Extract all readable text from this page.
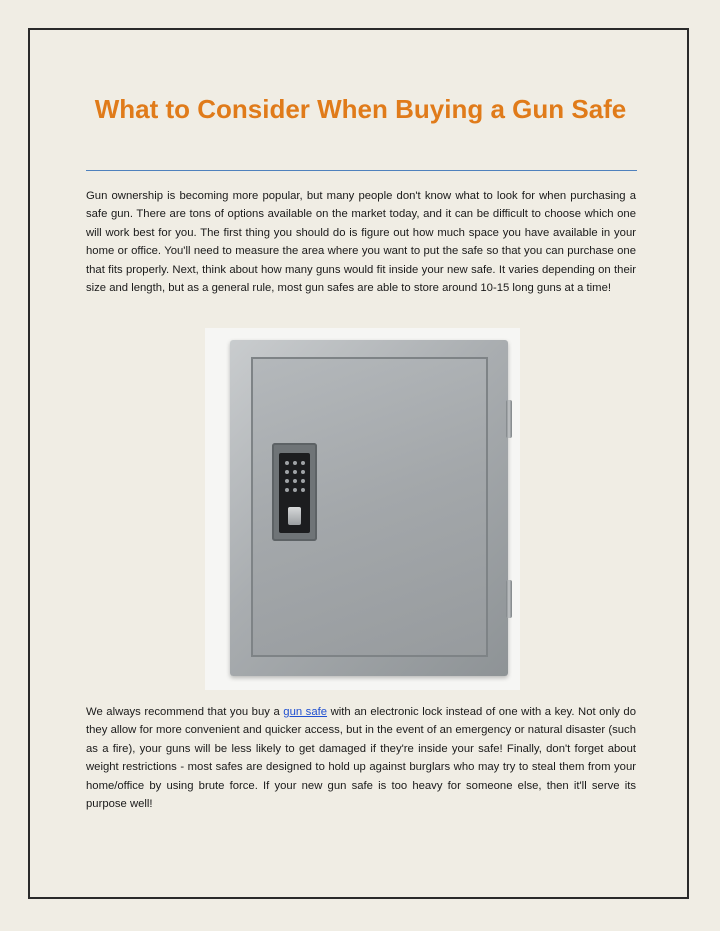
What to Consider When Buying a Gun Safe

Gun ownership is becoming more popular, but many people don't know what to look for when purchasing a safe gun. There are tons of options available on the market today, and it can be difficult to choose which one will work best for you. The first thing you should do is figure out how much space you have available in your home or office. You'll need to measure the area where you want to put the safe so that you can purchase one that fits properly. Next, think about how many guns would fit inside your new safe. It varies depending on their size and length, but as a general rule, most gun safes are able to store around 10-15 long guns at a time!

We always recommend that you buy a gun safe with an electronic lock instead of one with a key. Not only do they allow for more convenient and quicker access, but in the event of an emergency or natural disaster (such as a fire), your guns will be less likely to get damaged if they're inside your safe! Finally, don't forget about weight restrictions - most safes are designed to hold up against burglars who may try to steal them from your home/office by using brute force. If your new gun safe is too heavy for someone else, then it'll serve its purpose well!
